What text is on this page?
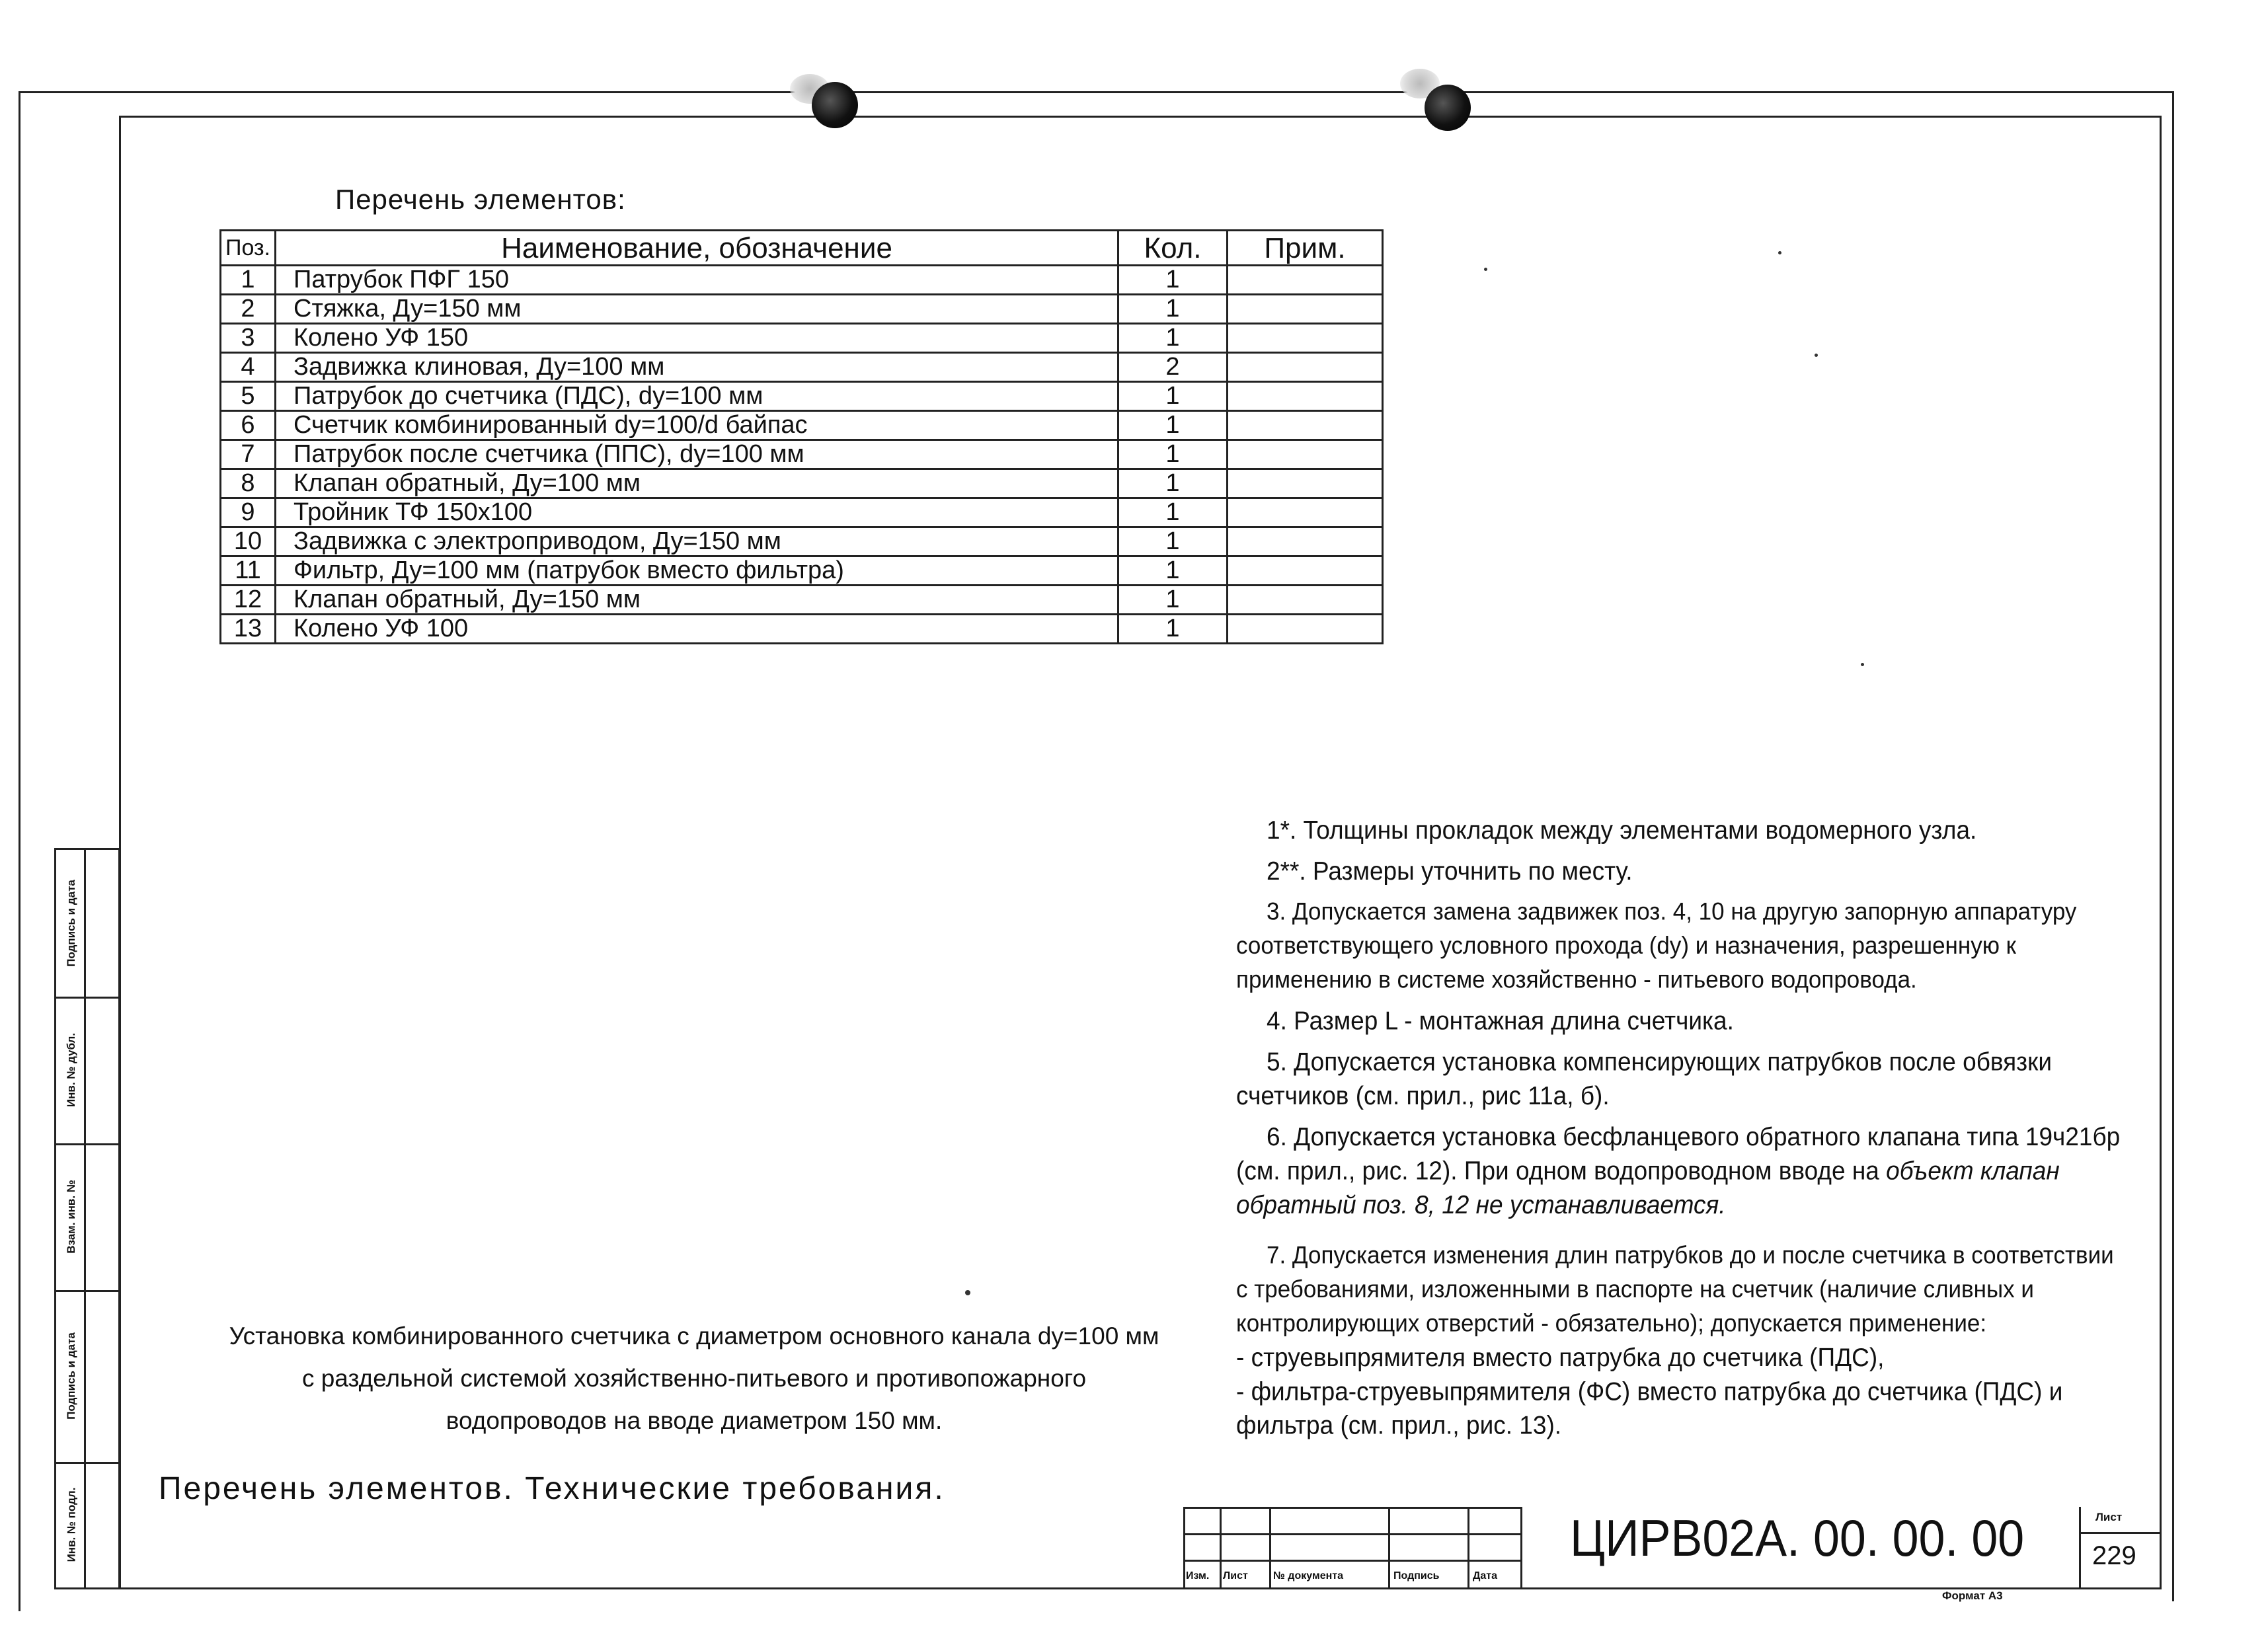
Подпись и дата
Инв. № дубл.
Взам. инв. №
Подпись и дата
Инв. № подл.
Перечень элементов:
Поз.	Наименование, обозначение	Кол.	Прим.
1	Патрубок ПФГ 150	1	
2	Стяжка, Ду=150 мм	1	
3	Колено УФ 150	1	
4	Задвижка клиновая, Ду=100 мм	2	
5	Патрубок до счетчика (ПДС), dy=100 мм	1	
6	Счетчик комбинированный dy=100/d байпас	1	
7	Патрубок после счетчика (ППС), dy=100 мм	1	
8	Клапан обратный, Ду=100 мм	1	
9	Тройник ТФ 150х100	1	
10	Задвижка с электроприводом, Ду=150 мм	1	
11	Фильтр, Ду=100 мм (патрубок вместо фильтра)	1	
12	Клапан обратный, Ду=150 мм	1	
13	Колено УФ 100	1	
1*. Толщины прокладок между элементами водомерного узла.
2**. Размеры уточнить по месту.
3. Допускается замена задвижек поз. 4, 10 на другую запорную аппаратуру соответствующего условного прохода (dy) и назначения, разрешенную к применению в системе хозяйственно - питьевого водопровода.
4. Размер L - монтажная длина счетчика.
5. Допускается установка компенсирующих патрубков после обвязки счетчиков (см. прил., рис 11а, б).
6. Допускается установка бесфланцевого обратного клапана типа 19ч21бр (см. прил., рис. 12). При одном водопроводном вводе на объект клапан обратный поз. 8, 12 не устанавливается.
7. Допускается изменения длин патрубков до и после счетчика в соответствии с требованиями, изложенными в паспорте на счетчик (наличие сливных и контролирующих отверстий - обязательно); допускается применение:
- струевыпрямителя вместо патрубка до счетчика (ПДС),
- фильтра-струевыпрямителя (ФС) вместо патрубка до счетчика (ПДС) и фильтра (см. прил., рис. 13).
Установка комбинированного счетчика с диаметром основного канала dy=100 мм
с раздельной системой хозяйственно-питьевого и противопожарного
водопроводов на вводе диаметром 150 мм.
Перечень элементов. Технические требования.
Изм. Лист № документа	Подпись	Дата
ЦИРВ02А. 00. 00. 00	Лист
229
Формат А3
